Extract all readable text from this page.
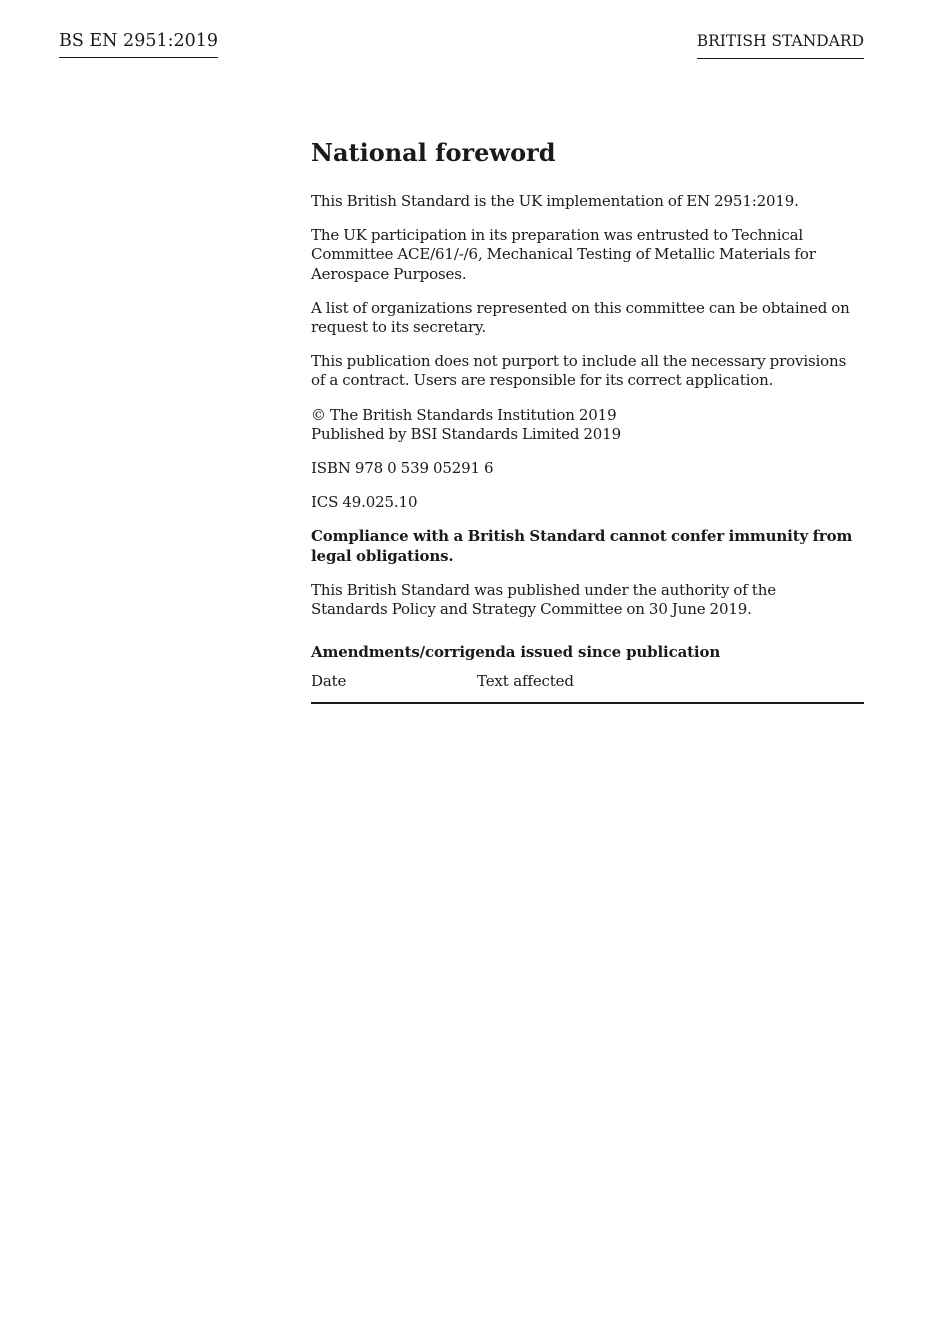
BS EN 2951:2019	BRITISH STANDARD
National foreword

This British Standard is the UK implementation of EN 2951:2019.

The UK participation in its preparation was entrusted to Technical
Committee ACE/61/-/6, Mechanical Testing of Metallic Materials for
Aerospace Purposes.

A list of organizations represented on this committee can be obtained on
request to its secretary.

This publication does not purport to include all the necessary provisions
of a contract. Users are responsible for its correct application.

© The British Standards Institution 2019
Published by BSI Standards Limited 2019

ISBN 978 0 539 05291 6

ICS 49.025.10

Compliance with a British Standard cannot confer immunity from
legal obligations.

This British Standard was published under the authority of the
Standards Policy and Strategy Committee on 30 June 2019.

Amendments/corrigenda issued since publication
Date	Text affected
